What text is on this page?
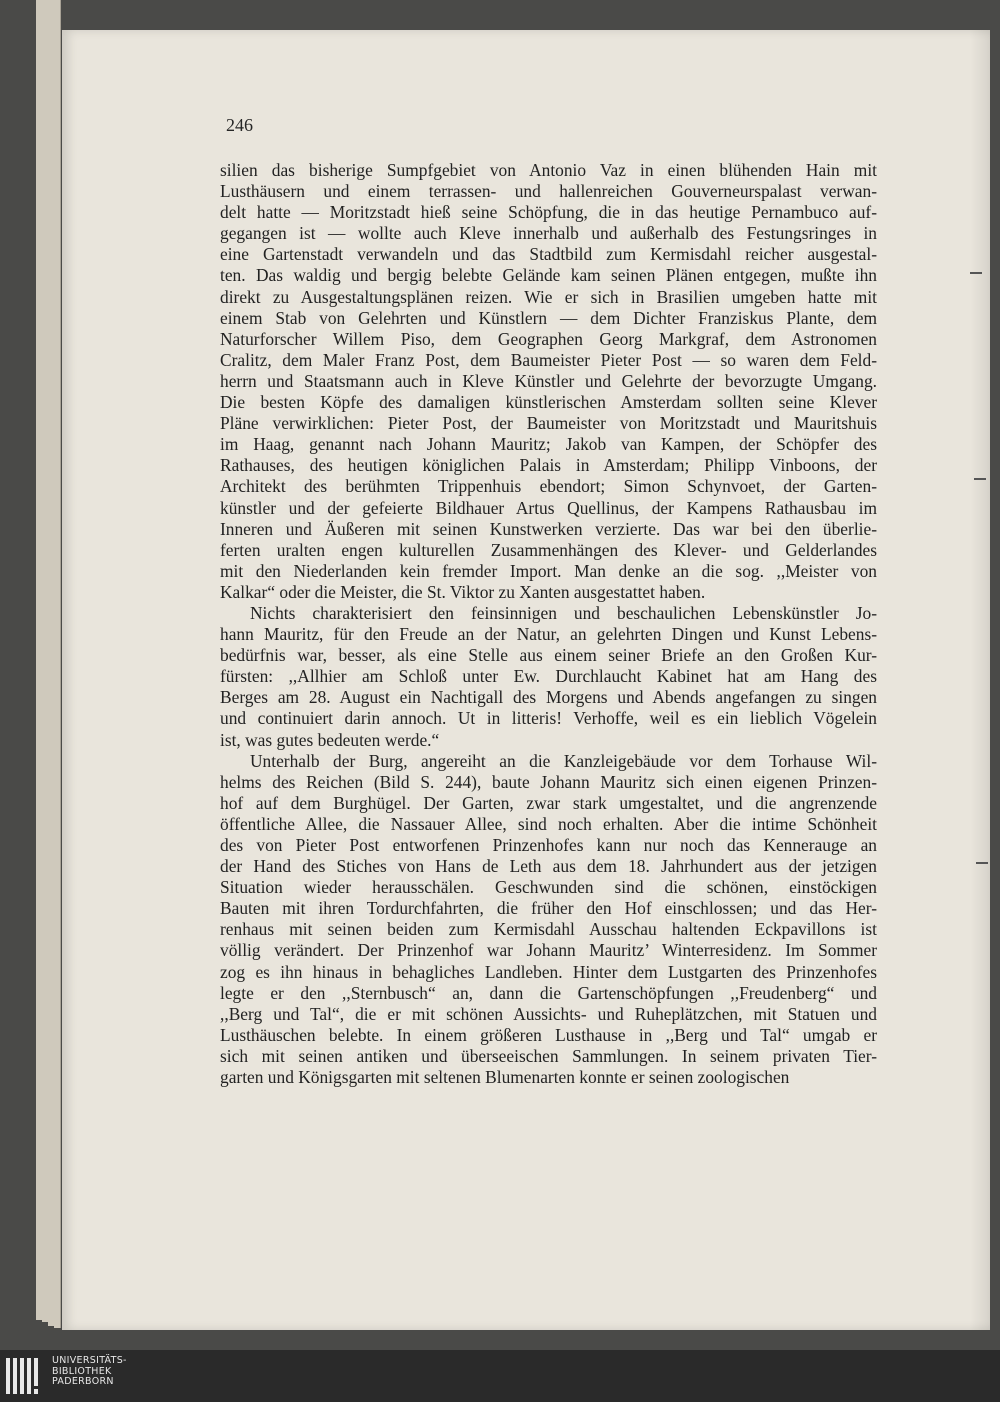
246
silien das bisherige Sumpfgebiet von Antonio Vaz in einen blühenden Hain mit
Lusthäusern und einem terrassen- und hallenreichen Gouverneurspalast verwan-
delt hatte — Moritzstadt hieß seine Schöpfung, die in das heutige Pernambuco auf-
gegangen ist — wollte auch Kleve innerhalb und außerhalb des Festungsringes in
eine Gartenstadt verwandeln und das Stadtbild zum Kermisdahl reicher ausgestal-
ten. Das waldig und bergig belebte Gelände kam seinen Plänen entgegen, mußte ihn
direkt zu Ausgestaltungsplänen reizen. Wie er sich in Brasilien umgeben hatte mit
einem Stab von Gelehrten und Künstlern — dem Dichter Franziskus Plante, dem
Naturforscher Willem Piso, dem Geographen Georg Markgraf, dem Astronomen
Cralitz, dem Maler Franz Post, dem Baumeister Pieter Post — so waren dem Feld-
herrn und Staatsmann auch in Kleve Künstler und Gelehrte der bevorzugte Umgang.
Die besten Köpfe des damaligen künstlerischen Amsterdam sollten seine Klever
Pläne verwirklichen: Pieter Post, der Baumeister von Moritzstadt und Mauritshuis
im Haag, genannt nach Johann Mauritz; Jakob van Kampen, der Schöpfer des
Rathauses, des heutigen königlichen Palais in Amsterdam; Philipp Vinboons, der
Architekt des berühmten Trippenhuis ebendort; Simon Schynvoet, der Garten-
künstler und der gefeierte Bildhauer Artus Quellinus, der Kampens Rathausbau im
Inneren und Äußeren mit seinen Kunstwerken verzierte. Das war bei den überlie-
ferten uralten engen kulturellen Zusammenhängen des Klever- und Gelderlandes
mit den Niederlanden kein fremder Import. Man denke an die sog. ,,Meister von
Kalkar“ oder die Meister, die St. Viktor zu Xanten ausgestattet haben.
Nichts charakterisiert den feinsinnigen und beschaulichen Lebenskünstler Jo-
hann Mauritz, für den Freude an der Natur, an gelehrten Dingen und Kunst Lebens-
bedürfnis war, besser, als eine Stelle aus einem seiner Briefe an den Großen Kur-
fürsten: ,,Allhier am Schloß unter Ew. Durchlaucht Kabinet hat am Hang des
Berges am 28. August ein Nachtigall des Morgens und Abends angefangen zu singen
und continuiert darin annoch. Ut in litteris! Verhoffe, weil es ein lieblich Vögelein
ist, was gutes bedeuten werde.“
Unterhalb der Burg, angereiht an die Kanzleigebäude vor dem Torhause Wil-
helms des Reichen (Bild S. 244), baute Johann Mauritz sich einen eigenen Prinzen-
hof auf dem Burghügel. Der Garten, zwar stark umgestaltet, und die angrenzende
öffentliche Allee, die Nassauer Allee, sind noch erhalten. Aber die intime Schönheit
des von Pieter Post entworfenen Prinzenhofes kann nur noch das Kennerauge an
der Hand des Stiches von Hans de Leth aus dem 18. Jahrhundert aus der jetzigen
Situation wieder herausschälen. Geschwunden sind die schönen, einstöckigen
Bauten mit ihren Tordurchfahrten, die früher den Hof einschlossen; und das Her-
renhaus mit seinen beiden zum Kermisdahl Ausschau haltenden Eckpavillons ist
völlig verändert. Der Prinzenhof war Johann Mauritz’ Winterresidenz. Im Sommer
zog es ihn hinaus in behagliches Landleben. Hinter dem Lustgarten des Prinzenhofes
legte er den ,,Sternbusch“ an, dann die Gartenschöpfungen ,,Freudenberg“ und
,,Berg und Tal“, die er mit schönen Aussichts- und Ruheplätzchen, mit Statuen und
Lusthäuschen belebte. In einem größeren Lusthause in ,,Berg und Tal“ umgab er
sich mit seinen antiken und überseeischen Sammlungen. In seinem privaten Tier-
garten und Königsgarten mit seltenen Blumenarten konnte er seinen zoologischen
UNIVERSITÄTS-
BIBLIOTHEK
PADERBORN
